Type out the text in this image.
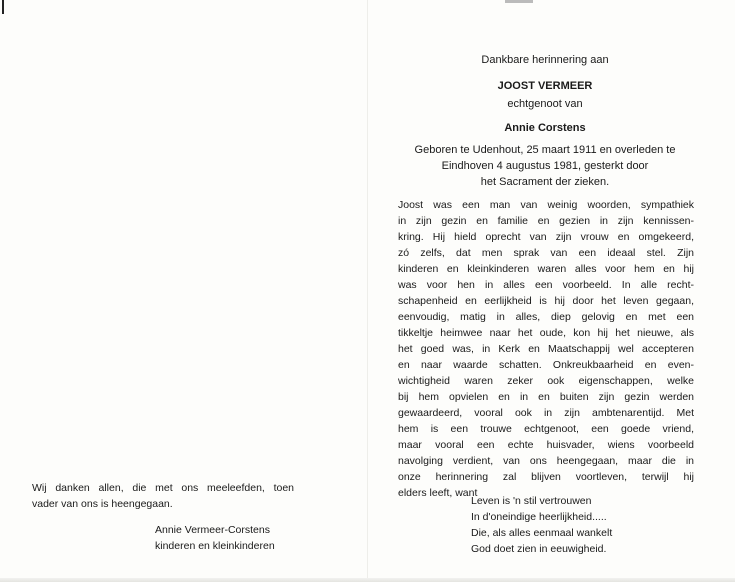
Dankbare herinnering aan
JOOST VERMEER
echtgenoot van
Annie Corstens
Geboren te Udenhout, 25 maart 1911 en overleden te
Eindhoven 4 augustus 1981, gesterkt door
het Sacrament der zieken.
Joost was een man van weinig woorden, sympathiek
in zijn gezin en familie en gezien in zijn kennissen-
kring. Hij hield oprecht van zijn vrouw en omgekeerd,
zó zelfs, dat men sprak van een ideaal stel. Zijn
kinderen en kleinkinderen waren alles voor hem en hij
was voor hen in alles een voorbeeld. In alle recht-
schapenheid en eerlijkheid is hij door het leven gegaan,
eenvoudig, matig in alles, diep gelovig en met een
tikkeltje heimwee naar het oude, kon hij het nieuwe, als
het goed was, in Kerk en Maatschappij wel accepteren
en naar waarde schatten. Onkreukbaarheid en even-
wichtigheid waren zeker ook eigenschappen, welke
bij hem opvielen en in en buiten zijn gezin werden
gewaardeerd, vooral ook in zijn ambtenarentijd. Met
hem is een trouwe echtgenoot, een goede vriend,
maar vooral een echte huisvader, wiens voorbeeld
navolging verdient, van ons heengegaan, maar die in
onze herinnering zal blijven voortleven, terwijl hij
elders leeft, want
Leven is 'n stil vertrouwen
In d'oneindige heerlijkheid.....
Die, als alles eenmaal wankelt
God doet zien in eeuwigheid.
Wij danken allen, die met ons meeleefden, toen
vader van ons is heengegaan.
Annie Vermeer-Corstens
kinderen en kleinkinderen
